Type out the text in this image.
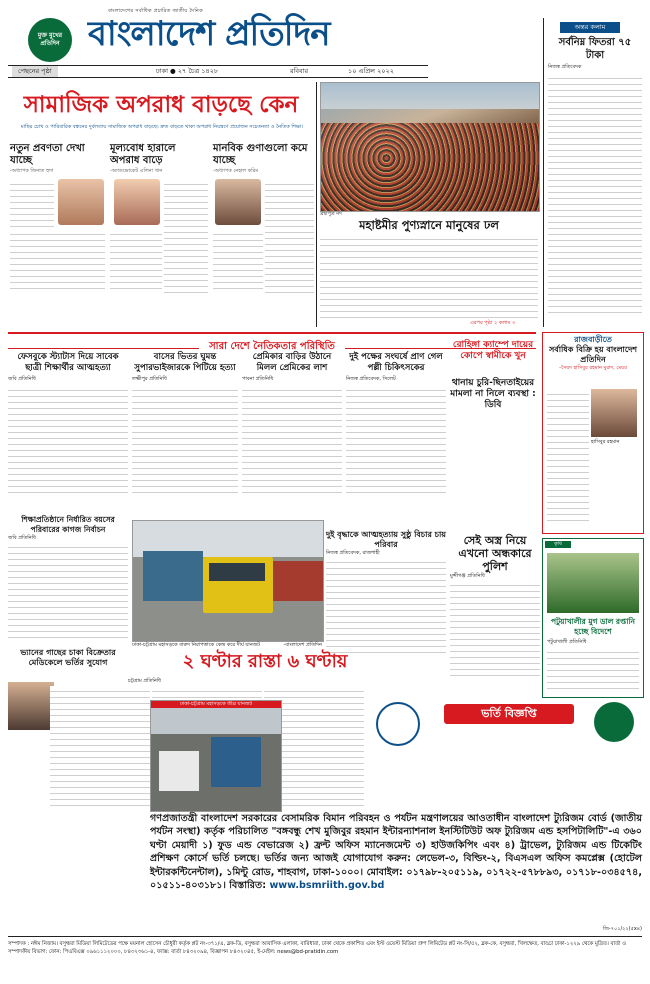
মুক্ত মুখের প্রতিদিন
বাংলাদেশের সর্বাধিক প্রচারিত জাতীয় দৈনিক
বাংলাদেশ প্রতিদিন
পেছনের পৃষ্ঠা	ঢাকা ● ২৭ চৈত্র ১৪২৮	রবিবার	১০ এপ্রিল ২০২২
সামাজিক অপরাধ বাড়ছে কেন
মাছির চোখ ও পারিবারিক বন্ধনের দুর্বলতায় সামাজিক অপরাধ বাড়ছে। দ্রুত বাড়তে থাকা অপরাধ নিয়ন্ত্রণে প্রয়োজন সচেতনতা ও নৈতিক শিক্ষা।
নতুন প্রবণতা দেখা যাচ্ছে
-অধ্যাপক জিনাত হুদা
মূল্যবোধ হারালে অপরাধ বাড়ে
-অ্যাডভোকেট এলিনা খান
মানবিক গুণাগুলো কমে যাচ্ছে
-অধ্যাপক নেহাল করিম
ব্রহ্মপুত্র নদ
মহাষ্টমীর পুণ্যস্নানে মানুষের ঢল
এরপর পৃষ্ঠা ২ কলাম ৩
অন্তর কলাম
সর্বনিম্ন ফিতরা ৭৫ টাকা
নিজস্ব প্রতিবেদক
সারা দেশে নৈতিকতার পরিস্থিতি
ফেসবুকে স্ট্যাটাস দিয়ে সাবেক ছাত্রী শিক্ষার্থীর আত্মহত্যা
জবি প্রতিনিধি
বাসের ভিতর ঘুমন্ত সুপারভাইজারকে পিটিয়ে হত্যা
লক্ষ্মীপুর প্রতিনিধি
প্রেমিকার বাড়ির উঠানে মিলল প্রেমিকের লাশ
পাবনা প্রতিনিধি
দুই পক্ষের সংঘর্ষে প্রাণ গেল পল্লী চিকিৎসকের
নিজস্ব প্রতিবেদক, সিলেট
রোহিঙ্গা ক্যাম্পে দায়ের কোপে স্বামীকে খুন
থানায় চুরি-ছিনতাইয়ের মামলা না নিলে ব্যবস্থা : ডিবি
রাজবাড়ীতে
সর্বাধিক বিক্রি হয় বাংলাদেশ প্রতিদিন
-সৈয়দ হাসিবুর রহমান মুরাদ, মেয়র
হাসিবুর রহমান
শিক্ষাপ্রতিষ্ঠানে নির্ধারিত বয়সের পরিবারের কাগজ নির্বাচন
জবি প্রতিনিধি
ঢাকা-চট্টগ্রাম মহাসড়কে বারুদ নিরাপত্তাকে কেন্দ্র করে দীর্ঘ যানজট	-বাংলাদেশ প্রতিদিন
দুই বৃদ্ধাকে আত্মহত্যায় সুষ্ঠু বিচার চায় পরিবার
নিজস্ব প্রতিবেদক, রাজশাহী
সেই অস্ত্র নিয়ে এখনো অন্ধকারে পুলিশ
মুন্সীগঞ্জ প্রতিনিধি
কৃষি
পটুয়াখালীর মুগ ডাল রপ্তানি হচ্ছে বিদেশে
পটুয়াখালী প্রতিনিধি
ভ্যানের গাছের চাকা বিক্রেতার মেডিকেলে ভর্তির সুযোগ	২ ঘণ্টার রাস্তা ৬ ঘণ্টায়
চট্টগ্রাম প্রতিনিধি
ঢাকা-চট্টগ্রাম মহাসড়কে তীব্র যানজট
ভর্তি বিজ্ঞপ্তি
গণপ্রজাতন্ত্রী বাংলাদেশ সরকারের বেসামরিক বিমান পরিবহন ও পর্যটন মন্ত্রণালয়ের আওতাধীন বাংলাদেশ ট্যুরিজম বোর্ড (জাতীয় পর্যটন সংস্থা) কর্তৃক পরিচালিত "বঙ্গবন্ধু শেখ মুজিবুর রহমান ইন্টারন্যাশনাল ইনস্টিটিউট অফ ট্যুরিজম এন্ড হসপিটালিটি"-এ ৩৬০ ঘণ্টা মেয়াদী ১) ফুড এন্ড বেভারেজ ২) ফ্রন্ট অফিস ম্যানেজমেন্ট ৩) হাউজকিপিং এবং ৪) ট্রাভেল, ট্যুরিজম এন্ড টিকেটিং প্রশিক্ষণ কোর্সে ভর্তি চলছে। ভর্তির জন্য আজই যোগাযোগ করুন: লেভেল-৩, বিল্ডিং-২, বিএসএল অফিস কমপ্লেক্স (হোটেল ইন্টারকন্টিনেন্টাল), ১মিন্টু রোড, শাহবাগ, ঢাকা-১০০০। মোবাইল: ০১৭৯৮-২০৫১১৯, ০১৭২২-৫৭৮৮৯৩, ০১৭১৮-০৩৪৫৭৪, ০১৫১১-৪০৩১৮১। বিস্তারিত: www.bsmriith.gov.bd
জি-৭০১/২২(৫x৪)
সম্পাদক : নঈম নিজাম। বসুন্ধরা মিডিয়া লিমিটেডের পক্ষে ময়নাল হোসেন চৌধুরী কর্তৃক প্লট নং-৩৭১/এ, ব্লক-ডি, বসুন্ধরা আবাসিক এলাকা, বারিধারা, ঢাকা থেকে প্রকাশিত এবং ইস্ট ওয়েস্ট মিডিয়া গ্রুপ লিমিটেড প্লট নং-সি/৫২, ব্লক-কে, বসুন্ধরা, খিলক্ষেত, বাড্ডা ঢাকা-১২২৯ থেকে মুদ্রিত। বার্তা ও সম্পাদকীয় বিভাগ: ফোন: পিএবিএক্স ০৯৬১১১২০০০, ৮৪৩২৩৬১-৪, ফ্যাক্স: বার্তা ৮৪৩২০৯৪, বিজ্ঞাপন ৮৪৩২০৪৫, ই-মেইল: news@bd-pratidin.com
